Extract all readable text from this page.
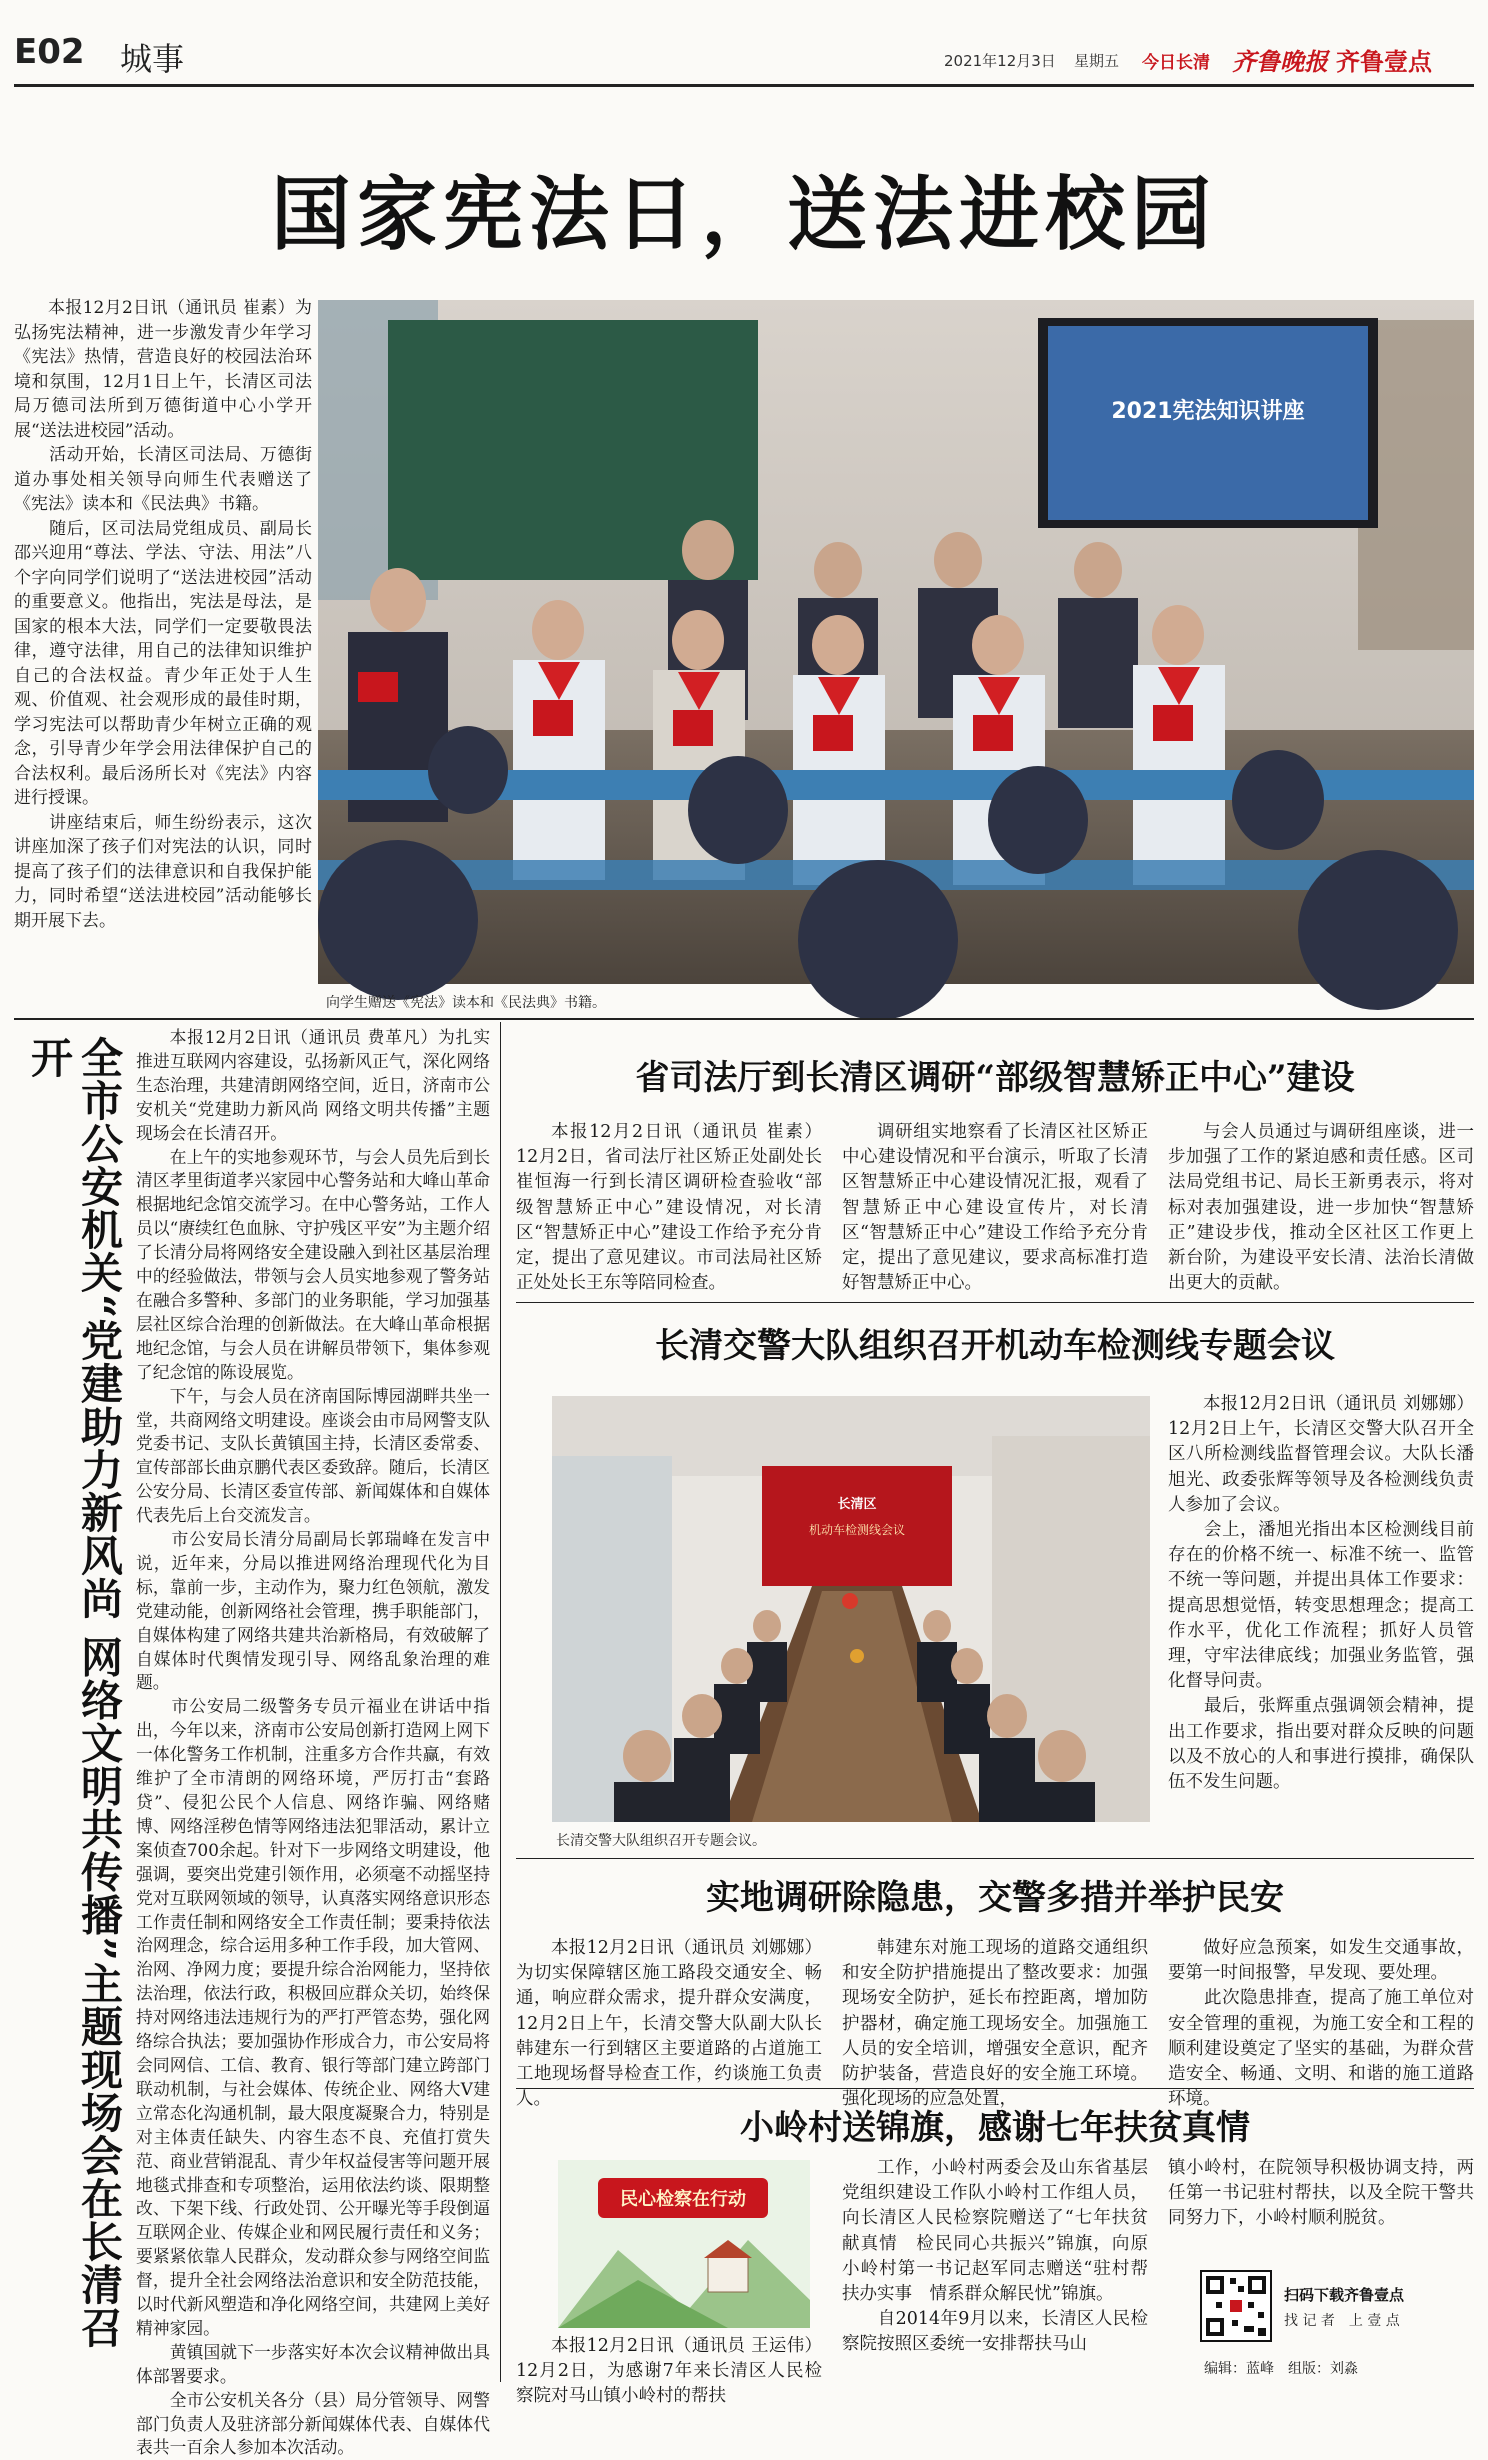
E02 城事	2021年12月3日 星期五 今日长清 齐鲁晚报 齐鲁壹点
国家宪法日，送法进校园
本报12月2日讯（通讯员 崔素）为弘扬宪法精神，进一步激发青少年学习《宪法》热情，营造良好的校园法治环境和氛围，12月1日上午，长清区司法局万德司法所到万德街道中心小学开展“送法进校园”活动。
　　活动开始，长清区司法局、万德街道办事处相关领导向师生代表赠送了《宪法》读本和《民法典》书籍。
　　随后，区司法局党组成员、副局长邵兴迎用“尊法、学法、守法、用法”八个字向同学们说明了“送法进校园”活动的重要意义。他指出，宪法是母法，是国家的根本大法，同学们一定要敬畏法律，遵守法律，用自己的法律知识维护自己的合法权益。青少年正处于人生观、价值观、社会观形成的最佳时期，学习宪法可以帮助青少年树立正确的观念，引导青少年学会用法律保护自己的合法权利。最后汤所长对《宪法》内容进行授课。
　　讲座结束后，师生纷纷表示，这次讲座加深了孩子们对宪法的认识，同时提高了孩子们的法律意识和自我保护能力，同时希望“送法进校园”活动能够长期开展下去。
2021宪法知识讲座
向学生赠送《宪法》读本和《民法典》书籍。
全市公安机关“党建助力新风尚 网络文明共传播”主题现场会在长清召开	本报12月2日讯（通讯员 费革凡）为扎实推进互联网内容建设，弘扬新风正气，深化网络生态治理，共建清朗网络空间，近日，济南市公安机关“党建助力新风尚 网络文明共传播”主题现场会在长清召开。
　　在上午的实地参观环节，与会人员先后到长清区孝里街道孝兴家园中心警务站和大峰山革命根据地纪念馆交流学习。在中心警务站，工作人员以“赓续红色血脉、守护残区平安”为主题介绍了长清分局将网络安全建设融入到社区基层治理中的经验做法，带领与会人员实地参观了警务站在融合多警种、多部门的业务职能，学习加强基层社区综合治理的创新做法。在大峰山革命根据地纪念馆，与会人员在讲解员带领下，集体参观了纪念馆的陈设展览。
　　下午，与会人员在济南国际博园湖畔共坐一堂，共商网络文明建设。座谈会由市局网警支队党委书记、支队长黄镇国主持，长清区委常委、宣传部部长曲京鹏代表区委致辞。随后，长清区公安分局、长清区委宣传部、新闻媒体和自媒体代表先后上台交流发言。
　　市公安局长清分局副局长郭瑞峰在发言中说，近年来，分局以推进网络治理现代化为目标，靠前一步，主动作为，聚力红色领航，激发党建动能，创新网络社会管理，携手职能部门，自媒体构建了网络共建共治新格局，有效破解了自媒体时代舆情发现引导、网络乱象治理的难题。
　　市公安局二级警务专员亓福业在讲话中指出，今年以来，济南市公安局创新打造网上网下一体化警务工作机制，注重多方合作共赢，有效维护了全市清朗的网络环境，严厉打击“套路贷”、侵犯公民个人信息、网络诈骗、网络赌博、网络淫秽色情等网络违法犯罪活动，累计立案侦查700余起。针对下一步网络文明建设，他强调，要突出党建引领作用，必须毫不动摇坚持党对互联网领域的领导，认真落实网络意识形态工作责任制和网络安全工作责任制；要秉持依法治网理念，综合运用多种工作手段，加大管网、治网、净网力度；要提升综合治网能力，坚持依法治理，依法行政，积极回应群众关切，始终保持对网络违法违规行为的严打严管态势，强化网络综合执法；要加强协作形成合力，市公安局将会同网信、工信、教育、银行等部门建立跨部门联动机制，与社会媒体、传统企业、网络大V建立常态化沟通机制，最大限度凝聚合力，特别是对主体责任缺失、内容生态不良、充值打赏失范、商业营销混乱、青少年权益侵害等问题开展地毯式排查和专项整治，运用依法约谈、限期整改、下架下线、行政处罚、公开曝光等手段倒逼互联网企业、传媒企业和网民履行责任和义务；要紧紧依靠人民群众，发动群众参与网络空间监督，提升全社会网络法治意识和安全防范技能，以时代新风塑造和净化网络空间，共建网上美好精神家园。
　　黄镇国就下一步落实好本次会议精神做出具体部署要求。
　　全市公安机关各分（县）局分管领导、网警部门负责人及驻济部分新闻媒体代表、自媒体代表共一百余人参加本次活动。
省司法厅到长清区调研“部级智慧矫正中心”建设
本报12月2日讯（通讯员 崔素）12月2日，省司法厅社区矫正处副处长崔恒海一行到长清区调研检查验收“部级智慧矫正中心”建设情况，对长清区“智慧矫正中心”建设工作给予充分肯定，提出了意见建议。市司法局社区矫正处处长王东等陪同检查。
调研组实地察看了长清区社区矫正中心建设情况和平台演示，听取了长清区智慧矫正中心建设情况汇报，观看了智慧矫正中心建设宣传片，对长清区“智慧矫正中心”建设工作给予充分肯定，提出了意见建议，要求高标准打造好智慧矫正中心。
与会人员通过与调研组座谈，进一步加强了工作的紧迫感和责任感。区司法局党组书记、局长王新勇表示，将对标对表加强建设，进一步加快“智慧矫正”建设步伐，推动全区社区工作更上新台阶，为建设平安长清、法治长清做出更大的贡献。
长清交警大队组织召开机动车检测线专题会议
长清区
机动车检测线会议
长清交警大队组织召开专题会议。
本报12月2日讯（通讯员 刘娜娜）12月2日上午，长清区交警大队召开全区八所检测线监督管理会议。大队长潘旭光、政委张辉等领导及各检测线负责人参加了会议。
　　会上，潘旭光指出本区检测线目前存在的价格不统一、标准不统一、监管不统一等问题，并提出具体工作要求：提高思想觉悟，转变思想理念；提高工作水平，优化工作流程；抓好人员管理，守牢法律底线；加强业务监管，强化督导问责。
　　最后，张辉重点强调领会精神，提出工作要求，指出要对群众反映的问题以及不放心的人和事进行摸排，确保队伍不发生问题。
实地调研除隐患，交警多措并举护民安
本报12月2日讯（通讯员 刘娜娜）为切实保障辖区施工路段交通安全、畅通，响应群众需求，提升群众安满度，12月2日上午，长清交警大队副大队长韩建东一行到辖区主要道路的占道施工工地现场督导检查工作，约谈施工负责人。
韩建东对施工现场的道路交通组织和安全防护措施提出了整改要求：加强现场安全防护，延长布控距离，增加防护器材，确定施工现场安全。加强施工人员的安全培训，增强安全意识，配齐防护装备，营造良好的安全施工环境。强化现场的应急处置，
做好应急预案，如发生交通事故，要第一时间报警，早发现、要处理。
　　此次隐患排查，提高了施工单位对安全管理的重视，为施工安全和工程的顺利建设奠定了坚实的基础，为群众营造安全、畅通、文明、和谐的施工道路环境。
小岭村送锦旗，感谢七年扶贫真情
民心检察在行动
本报12月2日讯（通讯员 王运伟）12月2日，为感谢7年来长清区人民检察院对马山镇小岭村的帮扶
工作，小岭村两委会及山东省基层党组织建设工作队小岭村工作组人员，向长清区人民检察院赠送了“七年扶贫献真情　检民同心共振兴”锦旗，向原小岭村第一书记赵军同志赠送“驻村帮扶办实事　情系群众解民忧”锦旗。
　　自2014年9月以来，长清区人民检察院按照区委统一安排帮扶马山
镇小岭村，在院领导积极协调支持，两任第一书记驻村帮扶，以及全院干警共同努力下，小岭村顺利脱贫。
扫码下载齐鲁壹点
找 记 者　上 壹 点
编辑：蓝峰　组版：刘淼
